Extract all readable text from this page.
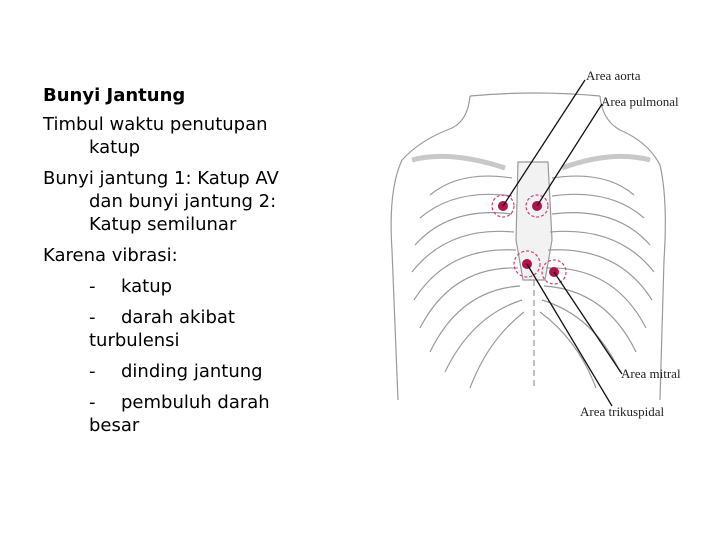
Bunyi Jantung
Timbul waktu penutupan katup
Bunyi jantung 1: Katup AV dan bunyi jantung 2: Katup semilunar
Karena vibrasi:
- katup
- darah akibat turbulensi
- dinding jantung
- pembuluh darah besar
Area aorta
Area pulmonal
Area mitral
Area trikuspidal
